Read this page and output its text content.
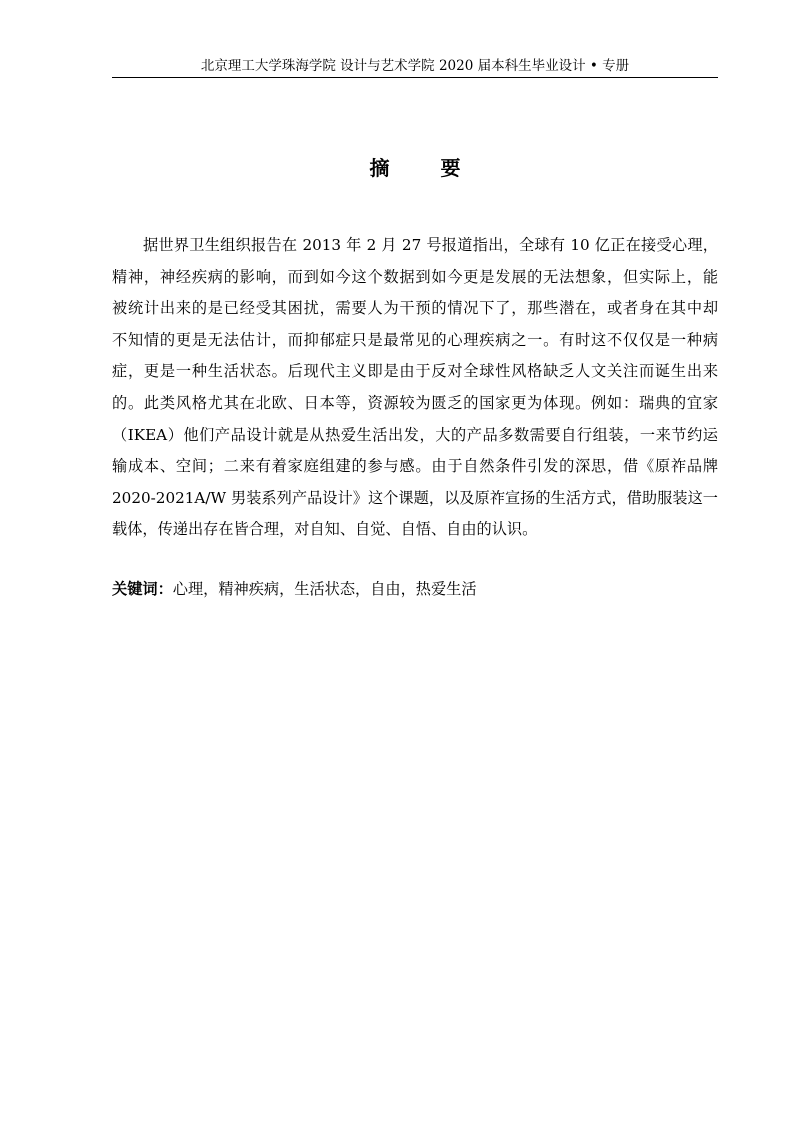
北京理工大学珠海学院 设计与艺术学院 2020 届本科生毕业设计 • 专册
摘 要
据世界卫生组织报告在 2013 年 2 月 27 号报道指出，全球有 10 亿正在接受心理，
精神，神经疾病的影响，而到如今这个数据到如今更是发展的无法想象，但实际上，能
被统计出来的是已经受其困扰，需要人为干预的情况下了，那些潜在，或者身在其中却
不知情的更是无法估计，而抑郁症只是最常见的心理疾病之一。有时这不仅仅是一种病
症，更是一种生活状态。后现代主义即是由于反对全球性风格缺乏人文关注而诞生出来
的。此类风格尤其在北欧、日本等，资源较为匮乏的国家更为体现。例如：瑞典的宜家
（IKEA）他们产品设计就是从热爱生活出发，大的产品多数需要自行组装，一来节约运
输成本、空间；二来有着家庭组建的参与感。由于自然条件引发的深思，借《原祚品牌
2020-2021A/W 男装系列产品设计》这个课题，以及原祚宣扬的生活方式，借助服装这一
载体，传递出存在皆合理，对自知、自觉、自悟、自由的认识。
关键词：心理，精神疾病，生活状态，自由，热爱生活
